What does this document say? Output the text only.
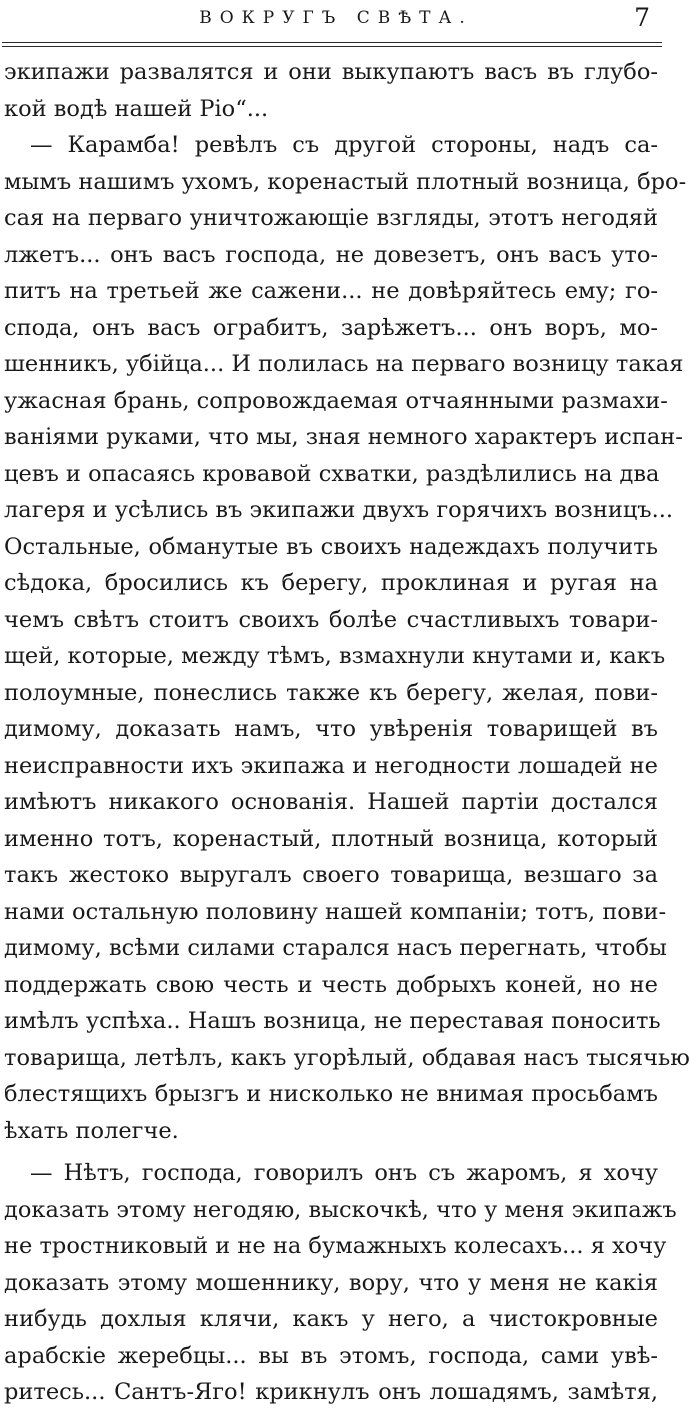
ВОКРУГЪ СВѢТА.	7
экипажи развалятся и они выкупаютъ васъ въ глубо-
кой водѣ нашей Ріо“...
— Карамба! ревѣлъ съ другой стороны, надъ са-
мымъ нашимъ ухомъ, коренастый плотный возница, бро-
сая на перваго уничтожающіе взгляды, этотъ негодяй
лжетъ... онъ васъ господа, не довезетъ, онъ васъ уто-
питъ на третьей же сажени... не довѣряйтесь ему; го-
спода, онъ васъ ограбитъ, зарѣжетъ... онъ воръ, мо-
шенникъ, убійца... И полилась на перваго возницу такая
ужасная брань, сопровождаемая отчаянными размахи-
ваніями руками, что мы, зная немного характеръ испан-
цевъ и опасаясь кровавой схватки, раздѣлились на два
лагеря и усѣлись въ экипажи двухъ горячихъ возницъ...
Остальные, обманутые въ своихъ надеждахъ получить
сѣдока, бросились къ берегу, проклиная и ругая на
чемъ свѣтъ стоитъ своихъ болѣе счастливыхъ товари-
щей, которые, между тѣмъ, взмахнули кнутами и, какъ
полоумные, понеслись также къ берегу, желая, пови-
димому, доказать намъ, что увѣренія товарищей въ
неисправности ихъ экипажа и негодности лошадей не
имѣютъ никакого основанія. Нашей партіи достался
именно тотъ, коренастый, плотный возница, который
такъ жестоко выругалъ своего товарища, везшаго за
нами остальную половину нашей компаніи; тотъ, пови-
димому, всѣми силами старался насъ перегнать, чтобы
поддержать свою честь и честь добрыхъ коней, но не
имѣлъ успѣха.. Нашъ возница, не переставая поносить
товарища, летѣлъ, какъ угорѣлый, обдавая насъ тысячью
блестящихъ брызгъ и нисколько не внимая просьбамъ
ѣхать полегче.
— Нѣтъ, господа, говорилъ онъ съ жаромъ, я хочу
доказать этому негодяю, выскочкѣ, что у меня экипажъ
не тростниковый и не на бумажныхъ колесахъ... я хочу
доказать этому мошеннику, вору, что у меня не какія
нибудь дохлыя клячи, какъ у него, а чистокровные
арабскіе жеребцы... вы въ этомъ, господа, сами увѣ-
ритесь... Сантъ-Яго! крикнулъ онъ лошадямъ, замѣтя,
